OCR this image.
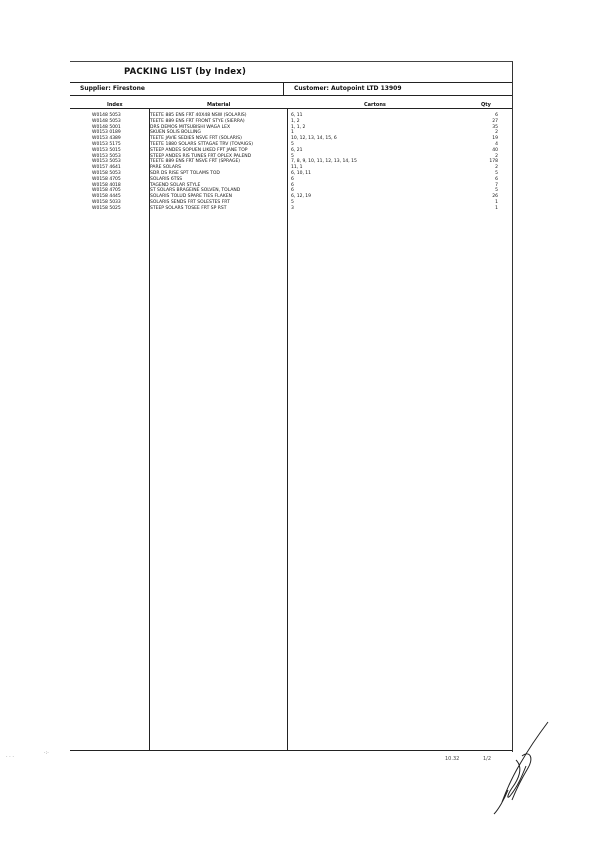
PACKING LIST (by Index)
Supplier: Firestone	Customer: Autopoint LTD 13909
Index	Material	Cartons	Qty
W0148 5053	TEETE 885 ENS FRT 40X48 NSW (SOLARIS)	6, 11	6
W0148 5053	TEETE 889 ENS FRT FRONT STYE (SIERRA)	1, 2	27
W0148 5001	DRS DEMOS MITSUBISHI WAGA LEX	1, 1, 2	35
W0153 0189	SKUEN SOLIS BOLLING	1	2
W0153 4389	TEETE JAVIE SEDIES NSVE FRT (SOLARIS)	10, 12, 13, 14, 15, 6	19
W0153 5175	TEETE 1880 SOLARS STTAGAE TRV (TOVAIGS)	5	4
W0153 5015	STEEP ANDES SOPUEN LIKED FPT JANE TOP	6, 21	40
W0153 5053	STEEP ANDES RIS TUNES FRT OPLEX PALEND	5	2
W0153 5053	TEETE 889 ENS FRT NSVE FRT (SPRAGE)	7, 8, 9, 10, 11, 12, 13, 14, 15	178
W0157 4641	PARE SOLARS	11, 1	2
W0158 5053	SDR DS RISE SPT TOLAMS TOD	6, 10, 11	5
W0158 4705	SOLARIS 6TSS	6	6
W0158 4018	TAGEND SOLAR STYLE	6	7
W0158 4705	ST SOLARS BRAGEINE SOLVEN, TOLAND	6	5
W0158 4445	SOLARIS TOLUD SPARE TIES FLAKEN	6, 12, 19	26
W0158 5033	SOLARIS SENDS FRT SOLESTES FRT	5	1
W0158 5025	STEEP SOLARS TOSEE FRT SP RST	3	1
10.32	1/2
· · ·
·:·
